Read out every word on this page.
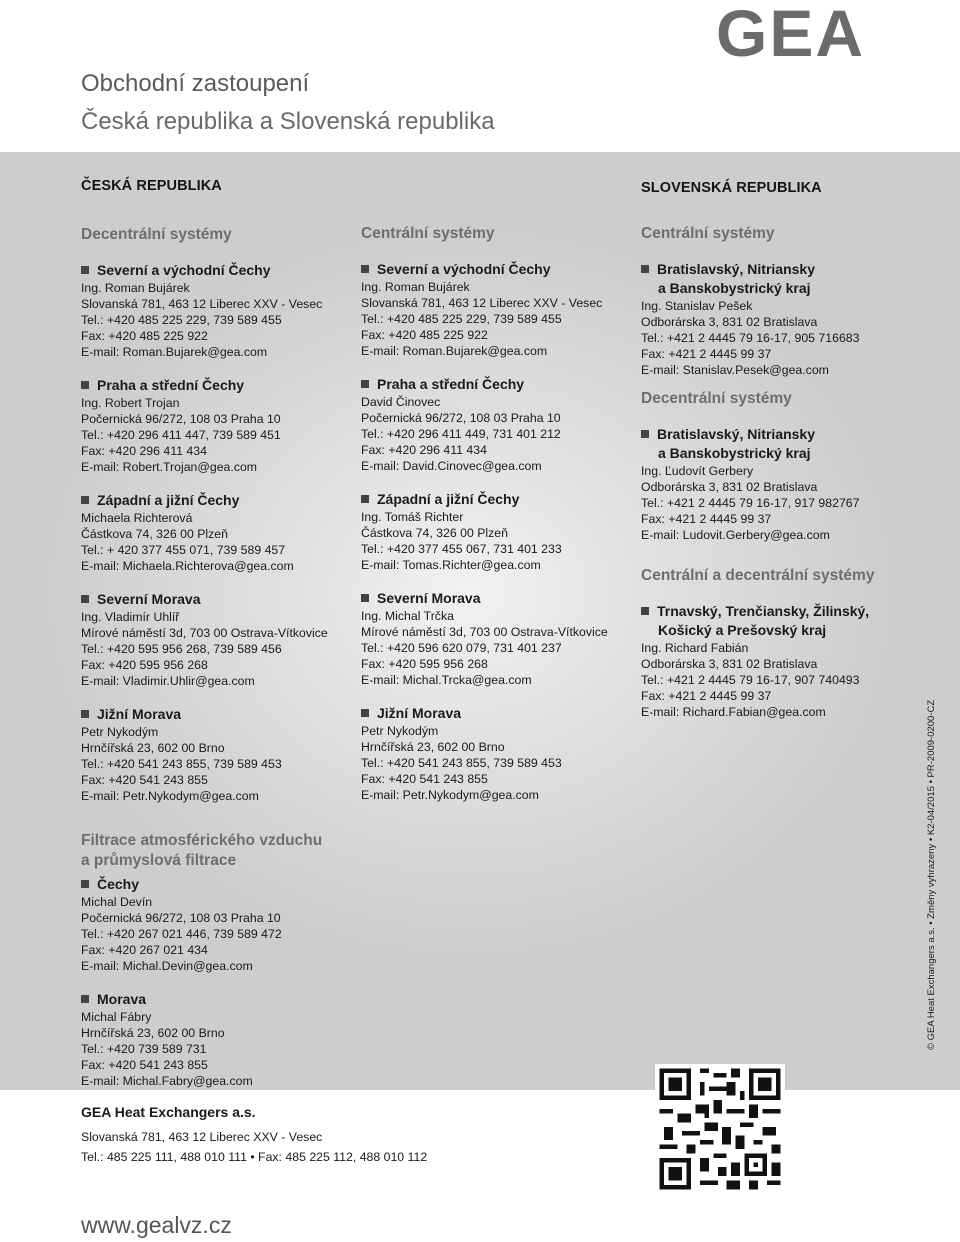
GEA
Obchodní zastoupení
Česká republika a Slovenská republika
ČESKÁ REPUBLIKA	SLOVENSKÁ REPUBLIKA
Decentrální systémy	Centrální systémy	Centrální systémy
Severní a východní Čechy
Ing. Roman Bujárek
Slovanská 781, 463 12 Liberec XXV - Vesec
Tel.: +420 485 225 229, 739 589 455
Fax: +420 485 225 922
E-mail: Roman.Bujarek@gea.com
Praha a střední Čechy
Ing. Robert Trojan
Počernická 96/272, 108 03 Praha 10
Tel.: +420 296 411 447, 739 589 451
Fax: +420 296 411 434
E-mail: Robert.Trojan@gea.com
Západní a jižní Čechy
Michaela Richterová
Částkova 74, 326 00 Plzeň
Tel.: + 420 377 455 071, 739 589 457
E-mail: Michaela.Richterova@gea.com
Severní Morava
Ing. Vladimír Uhlíř
Mírové náměstí 3d, 703 00 Ostrava-Vítkovice
Tel.: +420 595 956 268, 739 589 456
Fax: +420 595 956 268
E-mail: Vladimir.Uhlir@gea.com
Jižní Morava
Petr Nykodým
Hrnčířská 23, 602 00 Brno
Tel.: +420 541 243 855, 739 589 453
Fax: +420 541 243 855
E-mail: Petr.Nykodym@gea.com
Filtrace atmosférického vzduchu
a průmyslová filtrace
Čechy
Michal Devín
Počernická 96/272, 108 03 Praha 10
Tel.: +420 267 021 446, 739 589 472
Fax: +420 267 021 434
E-mail: Michal.Devin@gea.com
Morava
Michal Fábry
Hrnčířská 23, 602 00 Brno
Tel.: +420 739 589 731
Fax: +420 541 243 855
E-mail: Michal.Fabry@gea.com
Severní a východní Čechy
Ing. Roman Bujárek
Slovanská 781, 463 12 Liberec XXV - Vesec
Tel.: +420 485 225 229, 739 589 455
Fax: +420 485 225 922
E-mail: Roman.Bujarek@gea.com
Praha a střední Čechy
David Činovec
Počernická 96/272, 108 03 Praha 10
Tel.: +420 296 411 449, 731 401 212
Fax: +420 296 411 434
E-mail: David.Cinovec@gea.com
Západní a jižní Čechy
Ing. Tomáš Richter
Částkova 74, 326 00 Plzeň
Tel.: +420 377 455 067, 731 401 233
E-mail: Tomas.Richter@gea.com
Severní Morava
Ing. Michal Trčka
Mírové náměstí 3d, 703 00 Ostrava-Vítkovice
Tel.: +420 596 620 079, 731 401 237
Fax: +420 595 956 268
E-mail: Michal.Trcka@gea.com
Jižní Morava
Petr Nykodým
Hrnčířská 23, 602 00 Brno
Tel.: +420 541 243 855, 739 589 453
Fax: +420 541 243 855
E-mail: Petr.Nykodym@gea.com
Bratislavský, Nitriansky
a Banskobystrický kraj
Ing. Stanislav Pešek
Odborárska 3, 831 02 Bratislava
Tel.: +421 2 4445 79 16-17, 905 716683
Fax: +421 2 4445 99 37
E-mail: Stanislav.Pesek@gea.com
Decentrální systémy
Bratislavský, Nitriansky
a Banskobystrický kraj
Ing. Ľudovít Gerbery
Odborárska 3, 831 02 Bratislava
Tel.: +421 2 4445 79 16-17, 917 982767
Fax: +421 2 4445 99 37
E-mail: Ludovit.Gerbery@gea.com
Centrální a decentrální systémy
Trnavský, Trenčiansky, Žilinský,
Košický a Prešovský kraj
Ing. Richard Fabián
Odborárska 3, 831 02 Bratislava
Tel.: +421 2 4445 79 16-17, 907 740493
Fax: +421 2 4445 99 37
E-mail: Richard.Fabian@gea.com
GEA Heat Exchangers a.s.
Slovanská 781, 463 12 Liberec XXV - Vesec
Tel.: 485 225 111, 488 010 111 • Fax: 485 225 112, 488 010 112
www.gealvz.cz
© GEA Heat Exchangers a.s. • Změny vyhrazeny • K2-04/2015 • PR-2009-0200-CZ
